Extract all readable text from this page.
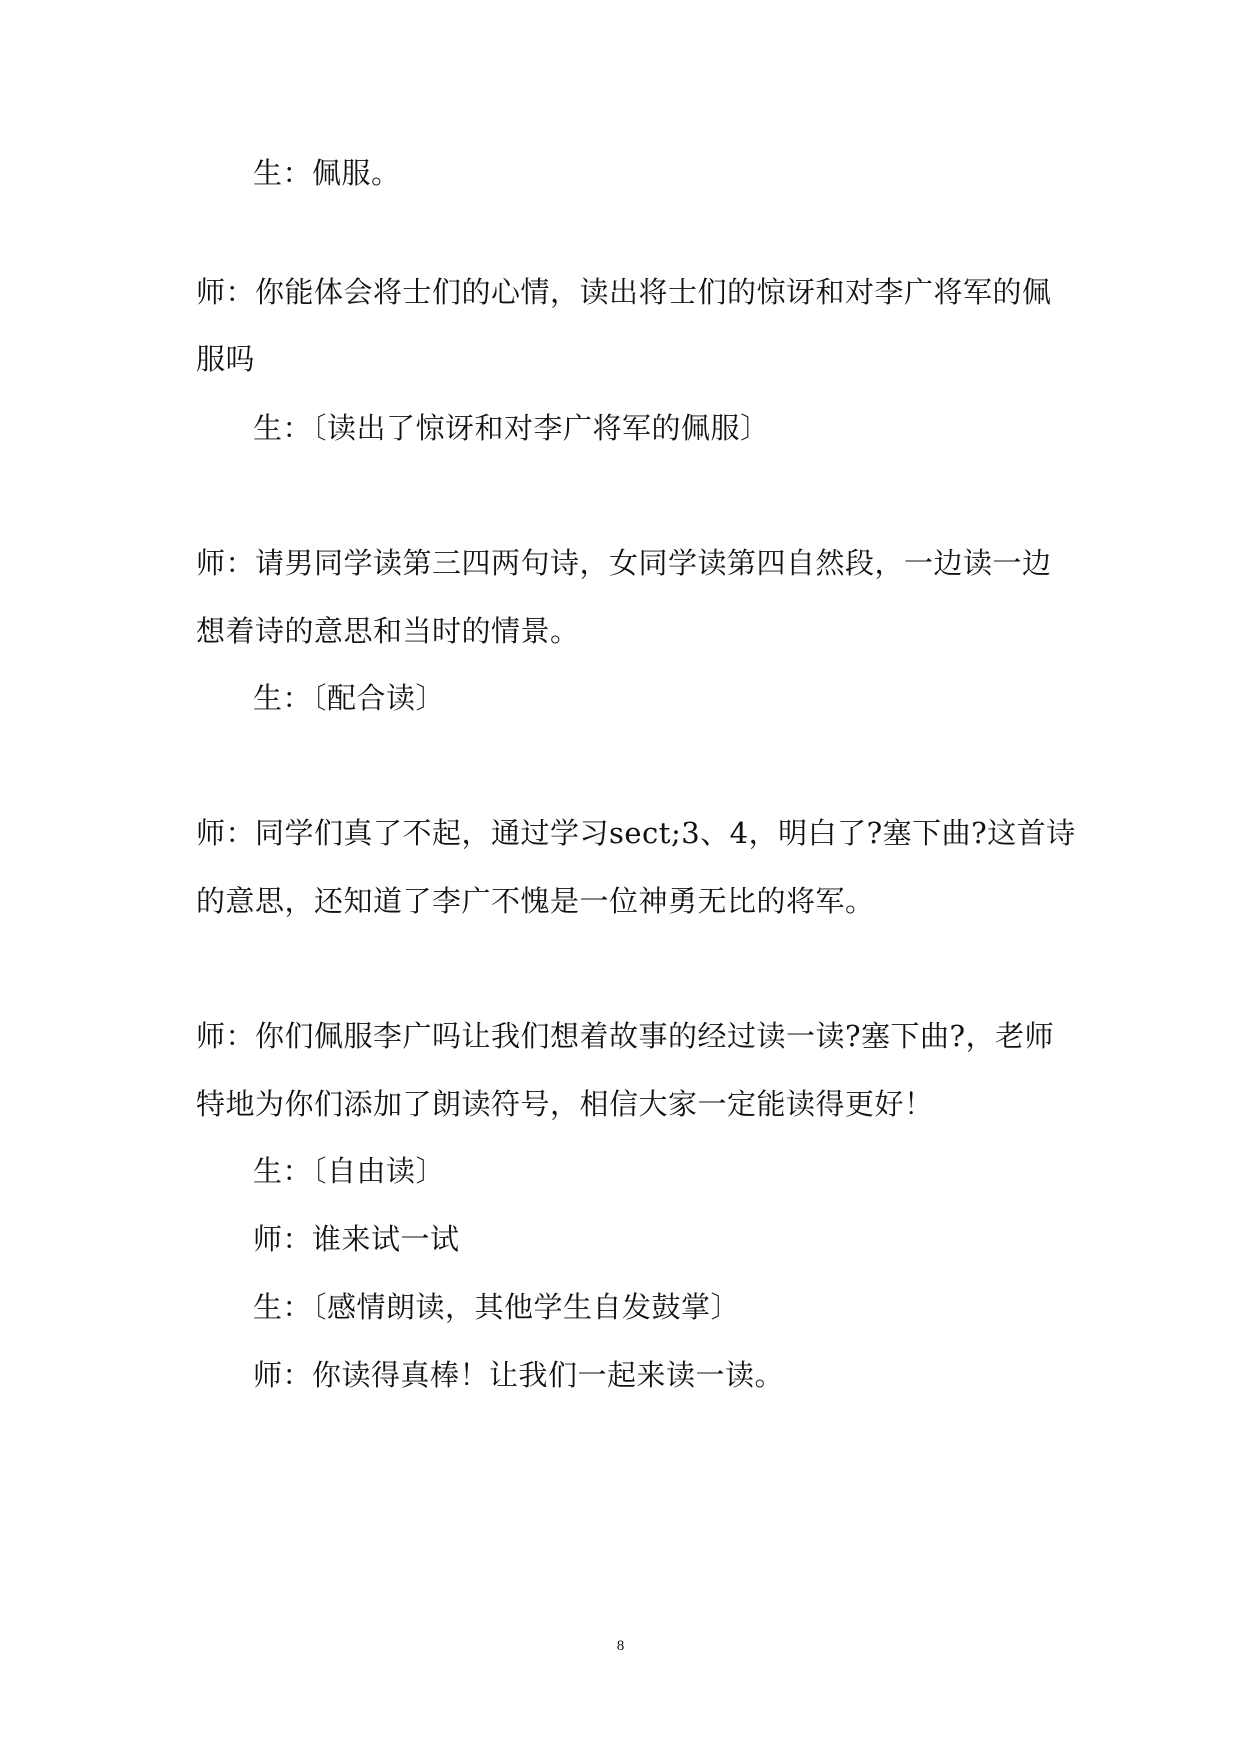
生：佩服。
师：你能体会将士们的心情，读出将士们的惊讶和对李广将军的佩
服吗
生：〔读出了惊讶和对李广将军的佩服〕
师：请男同学读第三四两句诗，女同学读第四自然段，一边读一边
想着诗的意思和当时的情景。
生：〔配合读〕
师：同学们真了不起，通过学习sect;3、4，明白了?塞下曲?这首诗
的意思，还知道了李广不愧是一位神勇无比的将军。
师：你们佩服李广吗让我们想着故事的经过读一读?塞下曲?，老师
特地为你们添加了朗读符号，相信大家一定能读得更好！
生：〔自由读〕
师：谁来试一试
生：〔感情朗读，其他学生自发鼓掌〕
师：你读得真棒！让我们一起来读一读。
8
